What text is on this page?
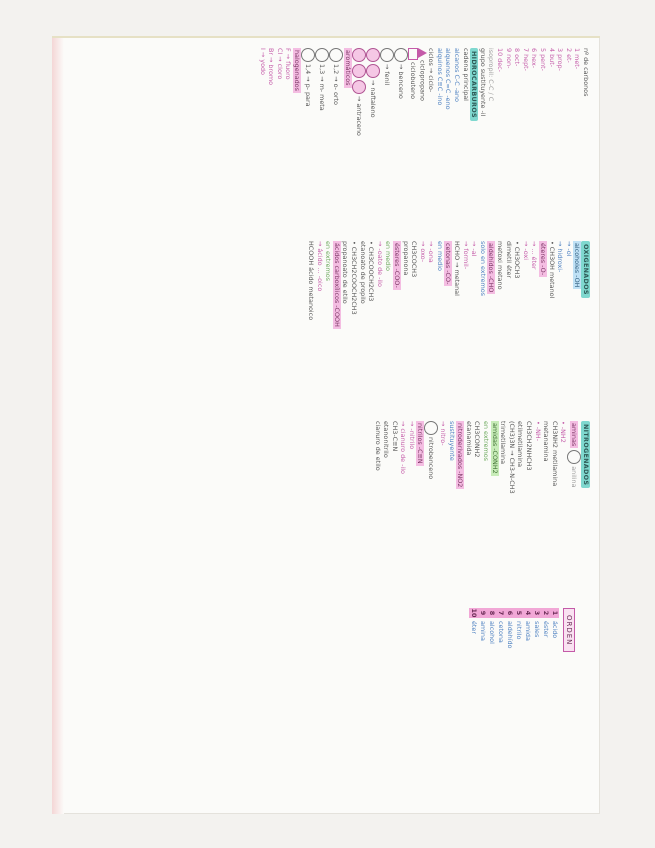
nº de carbonos
1 met-
2 et-
3 prop-
4 but-
5 pent-
6 hex-
7 hept-
8 oct-
9 non-
10 dec-
isopropil: C-C / C
grupo sustituyente -il
HIDROCARBUROS
cadena principal
alcanos C-C -ano
alquenos C=C -eno
alquinos C≡C -ino
ciclos → ciclo-
ciclopropano
ciclobuteno
→ benceno
→ fenil
→ naftaleno
→ antraceno
aromáticos
1,2 → o- orto
1,3 → m- meta
1,4 → p- para
halogenados
F → fluoro
Cl → cloro
Br → bromo
I → yodo
OXIGENADOS
alcoholes -OH
→ -ol
→ hidroxi-
• CH3OH metanol
éteres -O-
→ ... éter
→ -oxi
• CH3OCH3
dimetil éter
metoxi metano
aldehídos -CHO
solo en extremos
→ -al
→ formil-
HCHO → metanal
cetonas -CO-
en medio
→ -ona
→ oxo-
CH3COCH3
propanona
ésteres -COO-
en medio
→ -oato de -ilo
• CH3COOCH2CH3
etanoato de propilo
• CH3CH2COOCH2CH3
propanoato de etilo
ácidos carboxílicos -COOH
en extremos
→ ácido ... -oico
HCOOH ácido metanoico
NITROGENADOS
aminas anilina
• -NH2
CH3NH2 metilamina
metanamina
• -NH-
CH3CH2NHCH3
etilmetilamina
(CH3)3N → CH3-N-CH3
trimetilamina
amidas -CONH2
en extremos
CH3CONH2
etanamida
nitroderivados -NO2
sustituyente
→ nitro-
nitrobenceno
nitrilos -C≡N
→ -nitrilo
→ cianuro de -ilo
CH3-C≡N
etanonitrilo
cianuro de etilo
ORDEN
1ácido
2éster
3sales
4amida
5nitrilo
6aldehído
7cetona
8alcohol
9amina
10éter
